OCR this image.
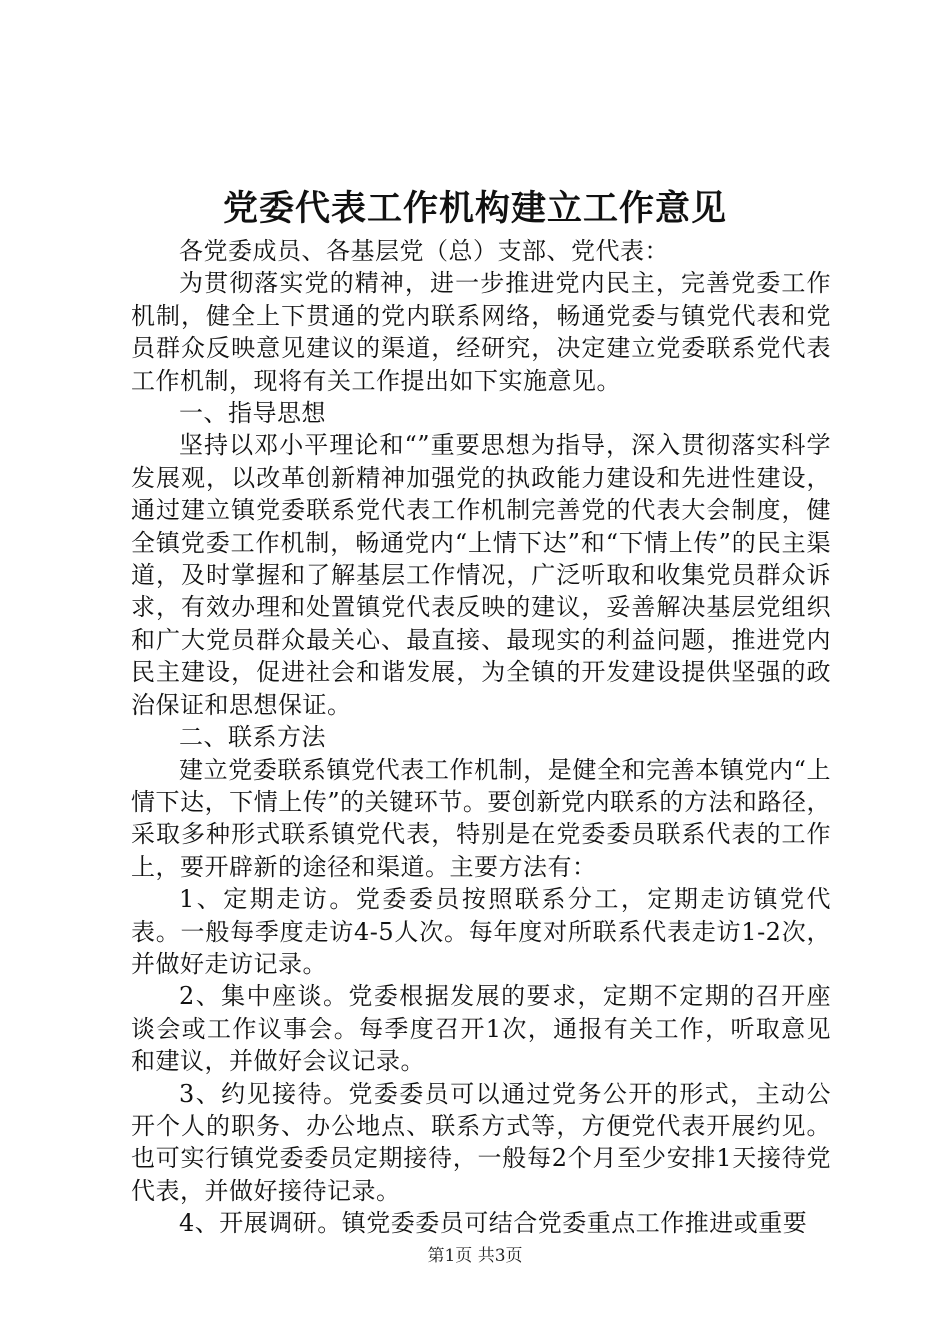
党委代表工作机构建立工作意见

各党委成员、各基层党（总）支部、党代表：

为贯彻落实党的精神，进一步推进党内民主，完善党委工作机制，健全上下贯通的党内联系网络，畅通党委与镇党代表和党员群众反映意见建议的渠道，经研究，决定建立党委联系党代表工作机制，现将有关工作提出如下实施意见。

一、指导思想

坚持以邓小平理论和“”重要思想为指导，深入贯彻落实科学发展观，以改革创新精神加强党的执政能力建设和先进性建设，通过建立镇党委联系党代表工作机制完善党的代表大会制度，健全镇党委工作机制，畅通党内“上情下达”和“下情上传”的民主渠道，及时掌握和了解基层工作情况，广泛听取和收集党员群众诉求，有效办理和处置镇党代表反映的建议，妥善解决基层党组织和广大党员群众最关心、最直接、最现实的利益问题，推进党内民主建设，促进社会和谐发展，为全镇的开发建设提供坚强的政治保证和思想保证。

二、联系方法

建立党委联系镇党代表工作机制，是健全和完善本镇党内“上情下达，下情上传”的关键环节。要创新党内联系的方法和路径，采取多种形式联系镇党代表，特别是在党委委员联系代表的工作上，要开辟新的途径和渠道。主要方法有：

1、定期走访。党委委员按照联系分工，定期走访镇党代表。一般每季度走访4-5人次。每年度对所联系代表走访1-2次，并做好走访记录。

2、集中座谈。党委根据发展的要求，定期不定期的召开座谈会或工作议事会。每季度召开1次，通报有关工作，听取意见和建议，并做好会议记录。

3、约见接待。党委委员可以通过党务公开的形式，主动公开个人的职务、办公地点、联系方式等，方便党代表开展约见。也可实行镇党委委员定期接待，一般每2个月至少安排1天接待党代表，并做好接待记录。

4、开展调研。镇党委委员可结合党委重点工作推进或重要

第1页 共3页
